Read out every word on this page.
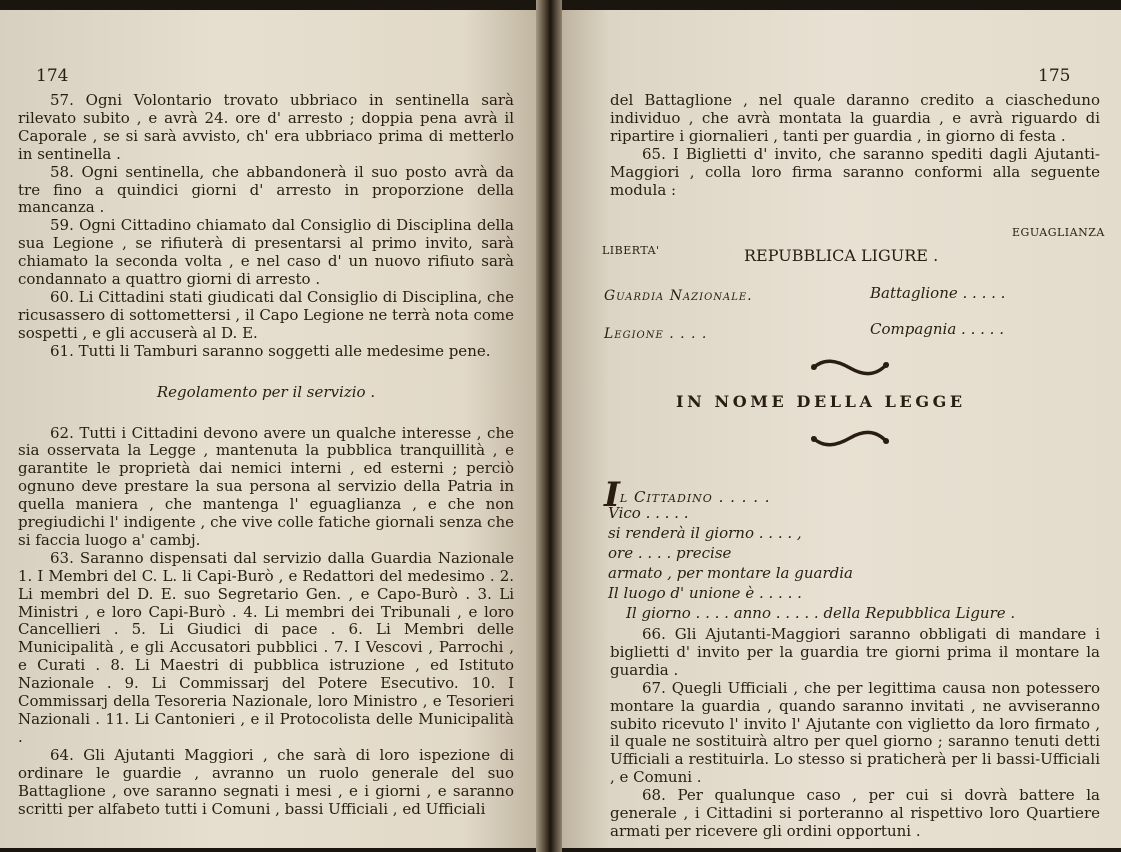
174	175

57. Ogni Volontario trovato ubbriaco in sentinella sarà rilevato subito , e avrà 24. ore d' arresto ; doppia pena avrà il Caporale , se si sarà avvisto, ch' era ubbriaco prima di metterlo in sentinella .

58. Ogni sentinella, che abbandonerà il suo posto avrà da tre fino a quindici giorni d' arresto in proporzione della mancanza .

59. Ogni Cittadino chiamato dal Consiglio di Disciplina della sua Legione , se rifiuterà di presentarsi al primo invito, sarà chiamato la seconda volta , e nel caso d' un nuovo rifiuto sarà condannato a quattro giorni di arresto .

60. Li Cittadini stati giudicati dal Consiglio di Disciplina, che ricusassero di sottomettersi , il Capo Legione ne terrà nota come sospetti , e gli accuserà al D. E.

61. Tutti li Tamburi saranno soggetti alle medesime pene.

Regolamento per il servizio .

62. Tutti i Cittadini devono avere un qualche interesse , che sia osservata la Legge , mantenuta la pubblica tranquillità , e garantite le proprietà dai nemici interni , ed esterni ; perciò ognuno deve prestare la sua persona al servizio della Patria in quella maniera , che mantenga l' eguaglianza , e che non pregiudichi l' indigente , che vive colle fatiche giornali senza che si faccia luogo a' cambj.

63. Saranno dispensati dal servizio dalla Guardia Nazionale 1. I Membri del C. L. li Capi-Burò , e Redattori del medesimo . 2. Li membri del D. E. suo Segretario Gen. , e Capo-Burò . 3. Li Ministri , e loro Capi-Burò . 4. Li membri dei Tribunali , e loro Cancellieri . 5. Li Giudici di pace . 6. Li Membri delle Municipalità , e gli Accusatori pubblici . 7. I Vescovi , Parrochi , e Curati . 8. Li Maestri di pubblica istruzione , ed Istituto Nazionale . 9. Li Commissarj del Potere Esecutivo. 10. I Commissarj della Tesoreria Nazionale, loro Ministro , e Tesorieri Nazionali . 11. Li Cantonieri , e il Protocolista delle Municipalità .

64. Gli Ajutanti Maggiori , che sarà di loro ispezione di ordinare le guardie , avranno un ruolo generale del suo Battaglione , ove saranno segnati i mesi , e i giorni , e saranno scritti per alfabeto tutti i Comuni , bassi Ufficiali , ed Ufficiali

del Battaglione , nel quale daranno credito a ciascheduno individuo , che avrà montata la guardia , e avrà riguardo di ripartire i giornalieri , tanti per guardia , in giorno di festa .

65. I Biglietti d' invito, che saranno spediti dagli Ajutanti-Maggiori , colla loro firma saranno conformi alla seguente modula :

LIBERTA'
EGUAGLIANZA
REPUBBLICA LIGURE .
Guardia Nazionale.	Battaglione . . . . .
Legione . . . .	Compagnia . . . . .
IN NOME DELLA LEGGE
Il Cittadino . . . . .
Vico . . . . .
si renderà il giorno . . . . ,
ore . . . . precise
armato , per montare la guardia
Il luogo d' unione è . . . . .
Il giorno . . . . anno . . . . . della Repubblica Ligure .

66. Gli Ajutanti-Maggiori saranno obbligati di mandare i biglietti d' invito per la guardia tre giorni prima il montare la guardia .

67. Quegli Ufficiali , che per legittima causa non potessero montare la guardia , quando saranno invitati , ne avviseranno subito ricevuto l' invito l' Ajutante con viglietto da loro firmato , il quale ne sostituirà altro per quel giorno ; saranno tenuti detti Ufficiali a restituirla. Lo stesso si praticherà per li bassi-Ufficiali , e Comuni .

68. Per qualunque caso , per cui si dovrà battere la generale , i Cittadini si porteranno al rispettivo loro Quartiere armati per ricevere gli ordini opportuni .
